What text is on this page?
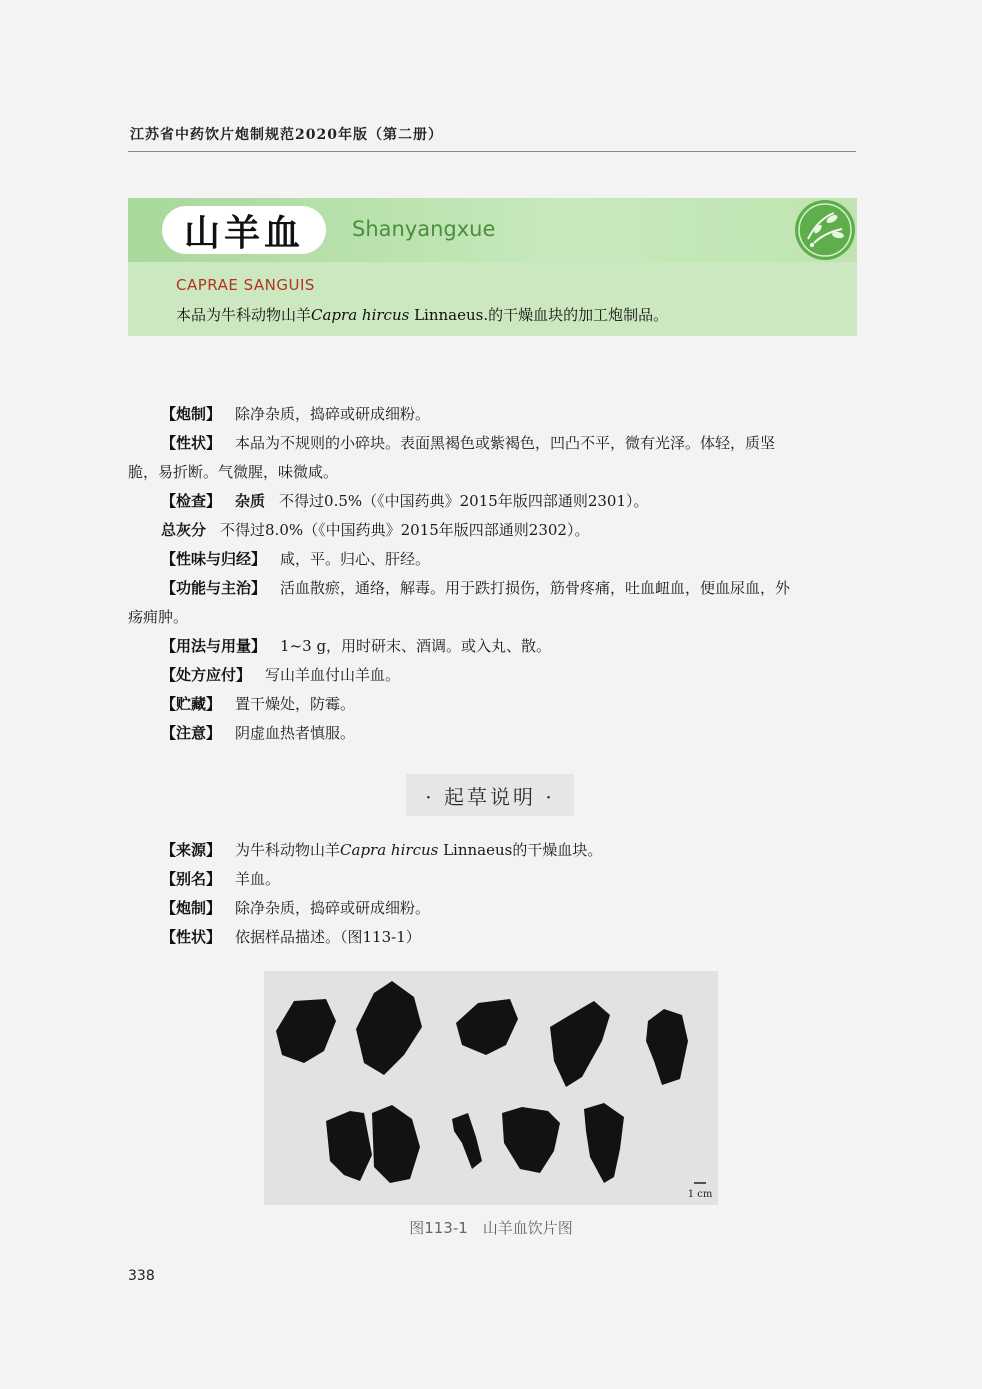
江苏省中药饮片炮制规范2020年版（第二册）
山羊血	Shanyangxue
CAPRAE SANGUIS
本品为牛科动物山羊Capra hircus Linnaeus.的干燥血块的加工炮制品。
【炮制】 除净杂质，捣碎或研成细粉。
【性状】 本品为不规则的小碎块。表面黑褐色或紫褐色，凹凸不平，微有光泽。体轻，质坚
脆，易折断。气微腥，味微咸。
【检查】 杂质 不得过0.5%（《中国药典》2015年版四部通则2301）。
总灰分 不得过8.0%（《中国药典》2015年版四部通则2302）。
【性味与归经】 咸，平。归心、肝经。
【功能与主治】 活血散瘀，通络，解毒。用于跌打损伤，筋骨疼痛，吐血衄血，便血尿血，外
疡痈肿。
【用法与用量】 1~3 g，用时研末、酒调。或入丸、散。
【处方应付】 写山羊血付山羊血。
【贮藏】 置干燥处，防霉。
【注意】 阴虚血热者慎服。
· 起草说明 ·
【来源】 为牛科动物山羊Capra hircus Linnaeus的干燥血块。
【别名】 羊血。
【炮制】 除净杂质，捣碎或研成细粉。
【性状】 依据样品描述。（图113-1）
1 cm
图113-1　山羊血饮片图
338
